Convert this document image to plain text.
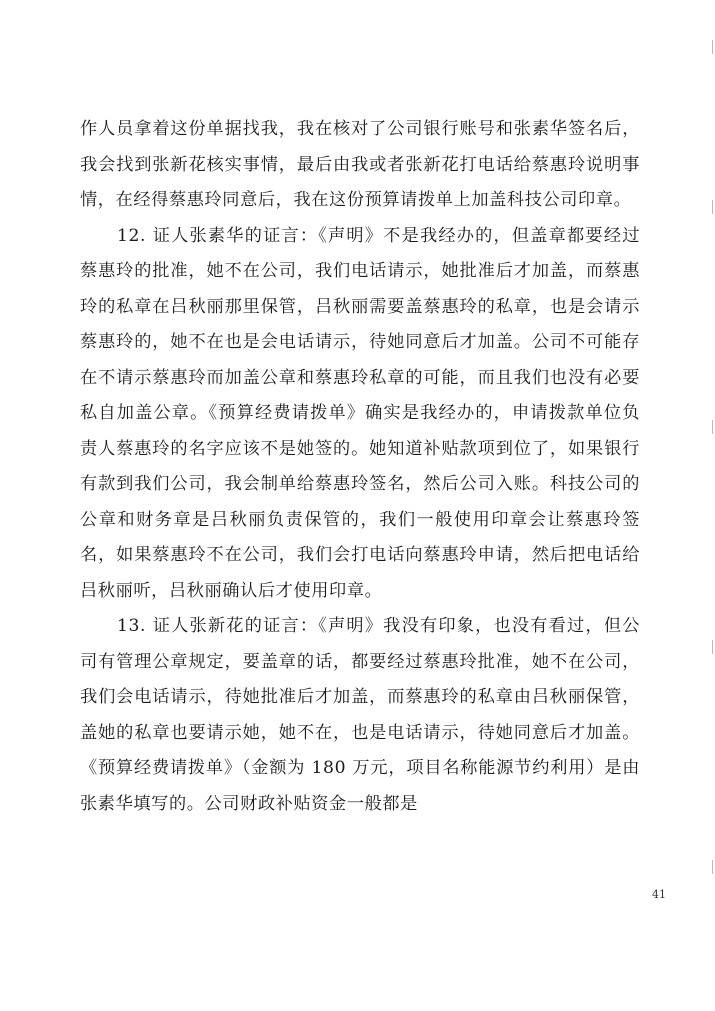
作人员拿着这份单据找我，我在核对了公司银行账号和张素华签名后，我会找到张新花核实事情，最后由我或者张新花打电话给蔡惠玲说明事情，在经得蔡惠玲同意后，我在这份预算请拨单上加盖科技公司印章。

12. 证人张素华的证言：《声明》不是我经办的，但盖章都要经过蔡惠玲的批准，她不在公司，我们电话请示，她批准后才加盖，而蔡惠玲的私章在吕秋丽那里保管，吕秋丽需要盖蔡惠玲的私章，也是会请示蔡惠玲的，她不在也是会电话请示，待她同意后才加盖。公司不可能存在不请示蔡惠玲而加盖公章和蔡惠玲私章的可能，而且我们也没有必要私自加盖公章。《预算经费请拨单》确实是我经办的，申请拨款单位负责人蔡惠玲的名字应该不是她签的。她知道补贴款项到位了，如果银行有款到我们公司，我会制单给蔡惠玲签名，然后公司入账。科技公司的公章和财务章是吕秋丽负责保管的，我们一般使用印章会让蔡惠玲签名，如果蔡惠玲不在公司，我们会打电话向蔡惠玲申请，然后把电话给吕秋丽听，吕秋丽确认后才使用印章。

13. 证人张新花的证言：《声明》我没有印象，也没有看过，但公司有管理公章规定，要盖章的话，都要经过蔡惠玲批准，她不在公司，我们会电话请示，待她批准后才加盖，而蔡惠玲的私章由吕秋丽保管，盖她的私章也要请示她，她不在，也是电话请示，待她同意后才加盖。《预算经费请拨单》（金额为 180 万元，项目名称能源节约利用）是由张素华填写的。公司财政补贴资金一般都是

41
